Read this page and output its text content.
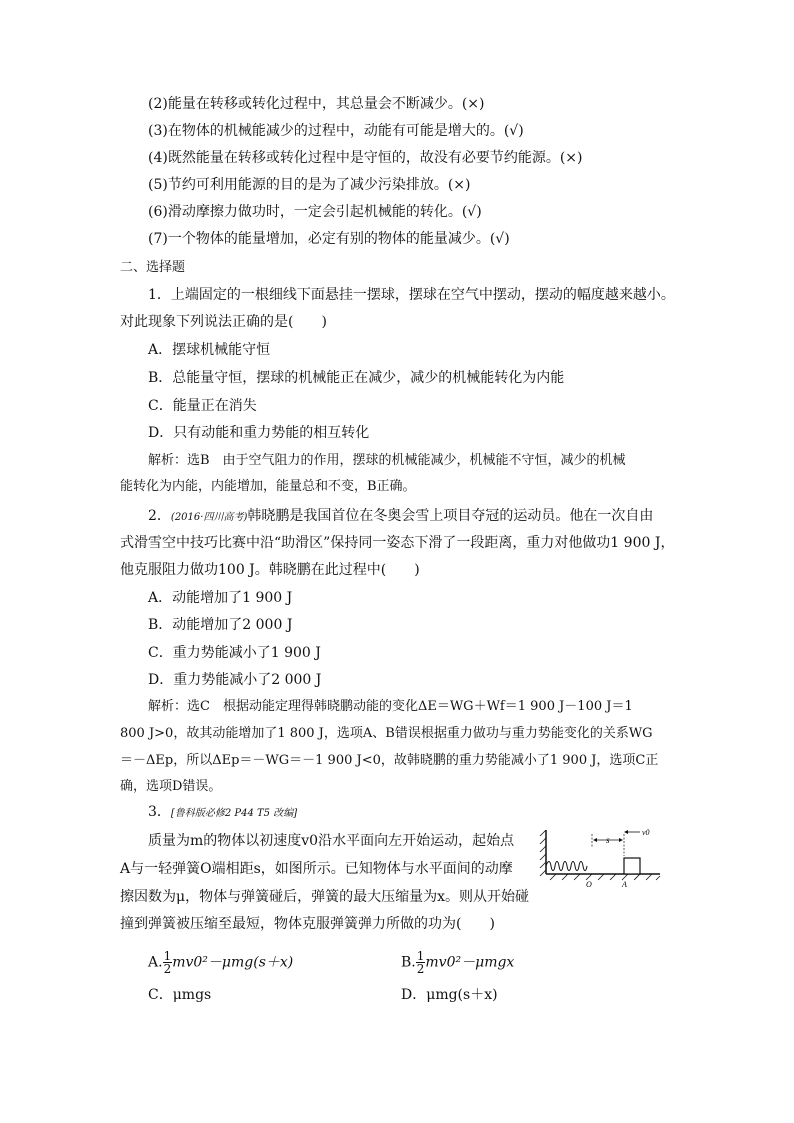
(2)能量在转移或转化过程中，其总量会不断减少。(×)
(3)在物体的机械能减少的过程中，动能有可能是增大的。(√)
(4)既然能量在转移或转化过程中是守恒的，故没有必要节约能源。(×)
(5)节约可利用能源的目的是为了减少污染排放。(×)
(6)滑动摩擦力做功时，一定会引起机械能的转化。(√)
(7)一个物体的能量增加，必定有别的物体的能量减少。(√)
二、选择题
1．上端固定的一根细线下面悬挂一摆球，摆球在空气中摆动，摆动的幅度越来越小。
对此现象下列说法正确的是(　　)
A．摆球机械能守恒
B．总能量守恒，摆球的机械能正在减少，减少的机械能转化为内能
C．能量正在消失
D．只有动能和重力势能的相互转化
解析：选B　由于空气阻力的作用，摆球的机械能减少，机械能不守恒，减少的机械
能转化为内能，内能增加，能量总和不变，B正确。
2．(2016·四川高考)韩晓鹏是我国首位在冬奥会雪上项目夺冠的运动员。他在一次自由
式滑雪空中技巧比赛中沿“助滑区”保持同一姿态下滑了一段距离，重力对他做功1 900 J，
他克服阻力做功100 J。韩晓鹏在此过程中(　　)
A．动能增加了1 900 J
B．动能增加了2 000 J
C．重力势能减小了1 900 J
D．重力势能减小了2 000 J
解析：选C　根据动能定理得韩晓鹏动能的变化ΔE＝WG＋Wf＝1 900 J－100 J＝1
800 J>0，故其动能增加了1 800 J，选项A、B错误根据重力做功与重力势能变化的关系WG
＝－ΔEp，所以ΔEp＝－WG＝－1 900 J<0，故韩晓鹏的重力势能减小了1 900 J，选项C正
确，选项D错误。
3．[鲁科版必修2 P44 T5 改编]
质量为m的物体以初速度v0沿水平面向左开始运动，起始点
A与一轻弹簧O端相距s，如图所示。已知物体与水平面间的动摩
擦因数为μ，物体与弹簧碰后，弹簧的最大压缩量为x。则从开始碰
撞到弹簧被压缩至最短，物体克服弹簧弹力所做的功为(　　)
s
v0
O	A
A. $\frac{1}{2} mv0^2-\mu mg(s+x)$	B. $\frac{1}{2} mv0^2-\mu mgx$
C．μmgs	D．μmg(s＋x)
